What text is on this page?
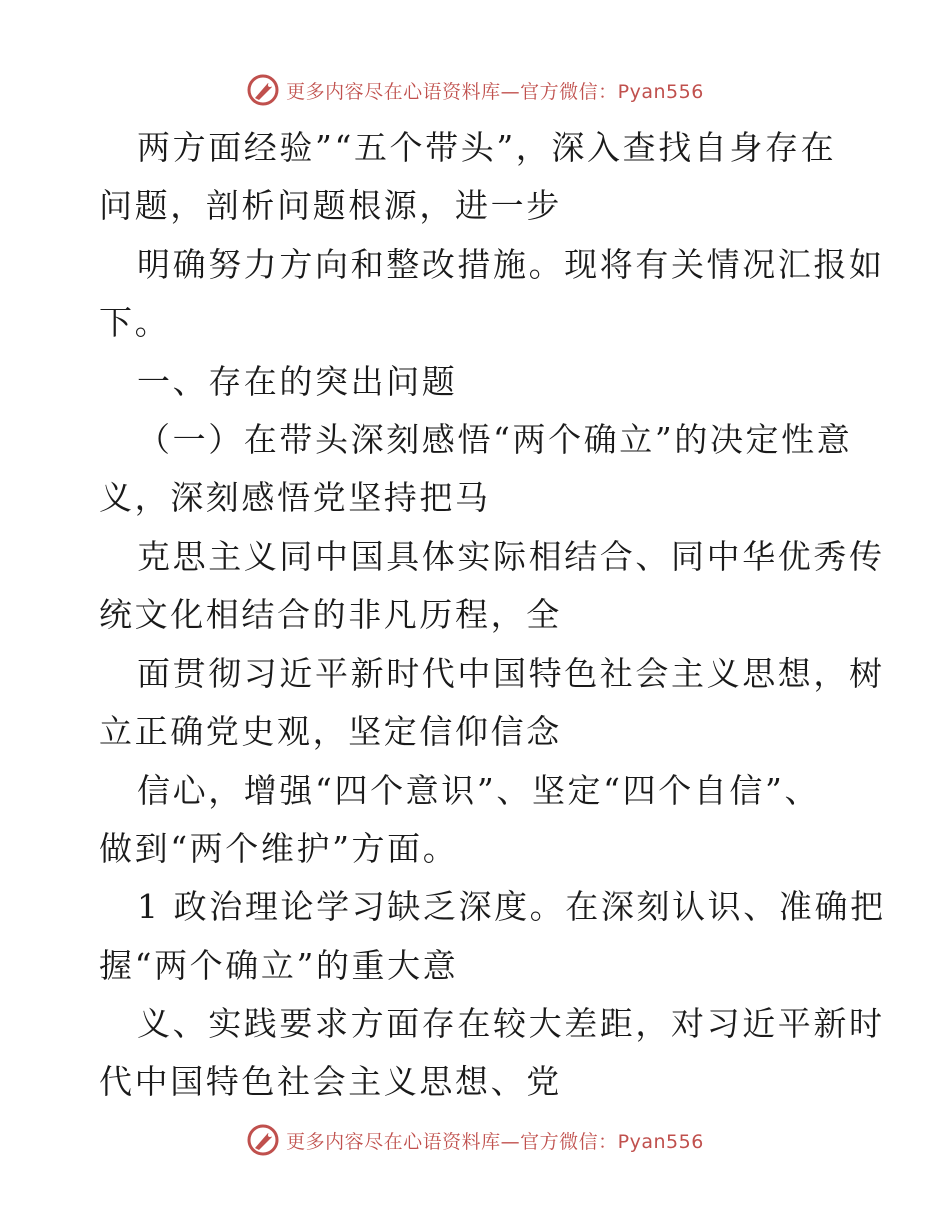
更多内容尽在心语资料库—官方微信：Pyan556
两方面经验”“五个带头”，深入查找自身存在
问题，剖析问题根源，进一步
明确努力方向和整改措施。现将有关情况汇报如
下。
一、存在的突出问题
（一）在带头深刻感悟“两个确立”的决定性意
义，深刻感悟党坚持把马
克思主义同中国具体实际相结合、同中华优秀传
统文化相结合的非凡历程，全
面贯彻习近平新时代中国特色社会主义思想，树
立正确党史观，坚定信仰信念
信心，增强“四个意识”、坚定“四个自信”、
做到“两个维护”方面。
1 政治理论学习缺乏深度。在深刻认识、准确把
握“两个确立”的重大意
义、实践要求方面存在较大差距，对习近平新时
代中国特色社会主义思想、党
更多内容尽在心语资料库—官方微信：Pyan556
